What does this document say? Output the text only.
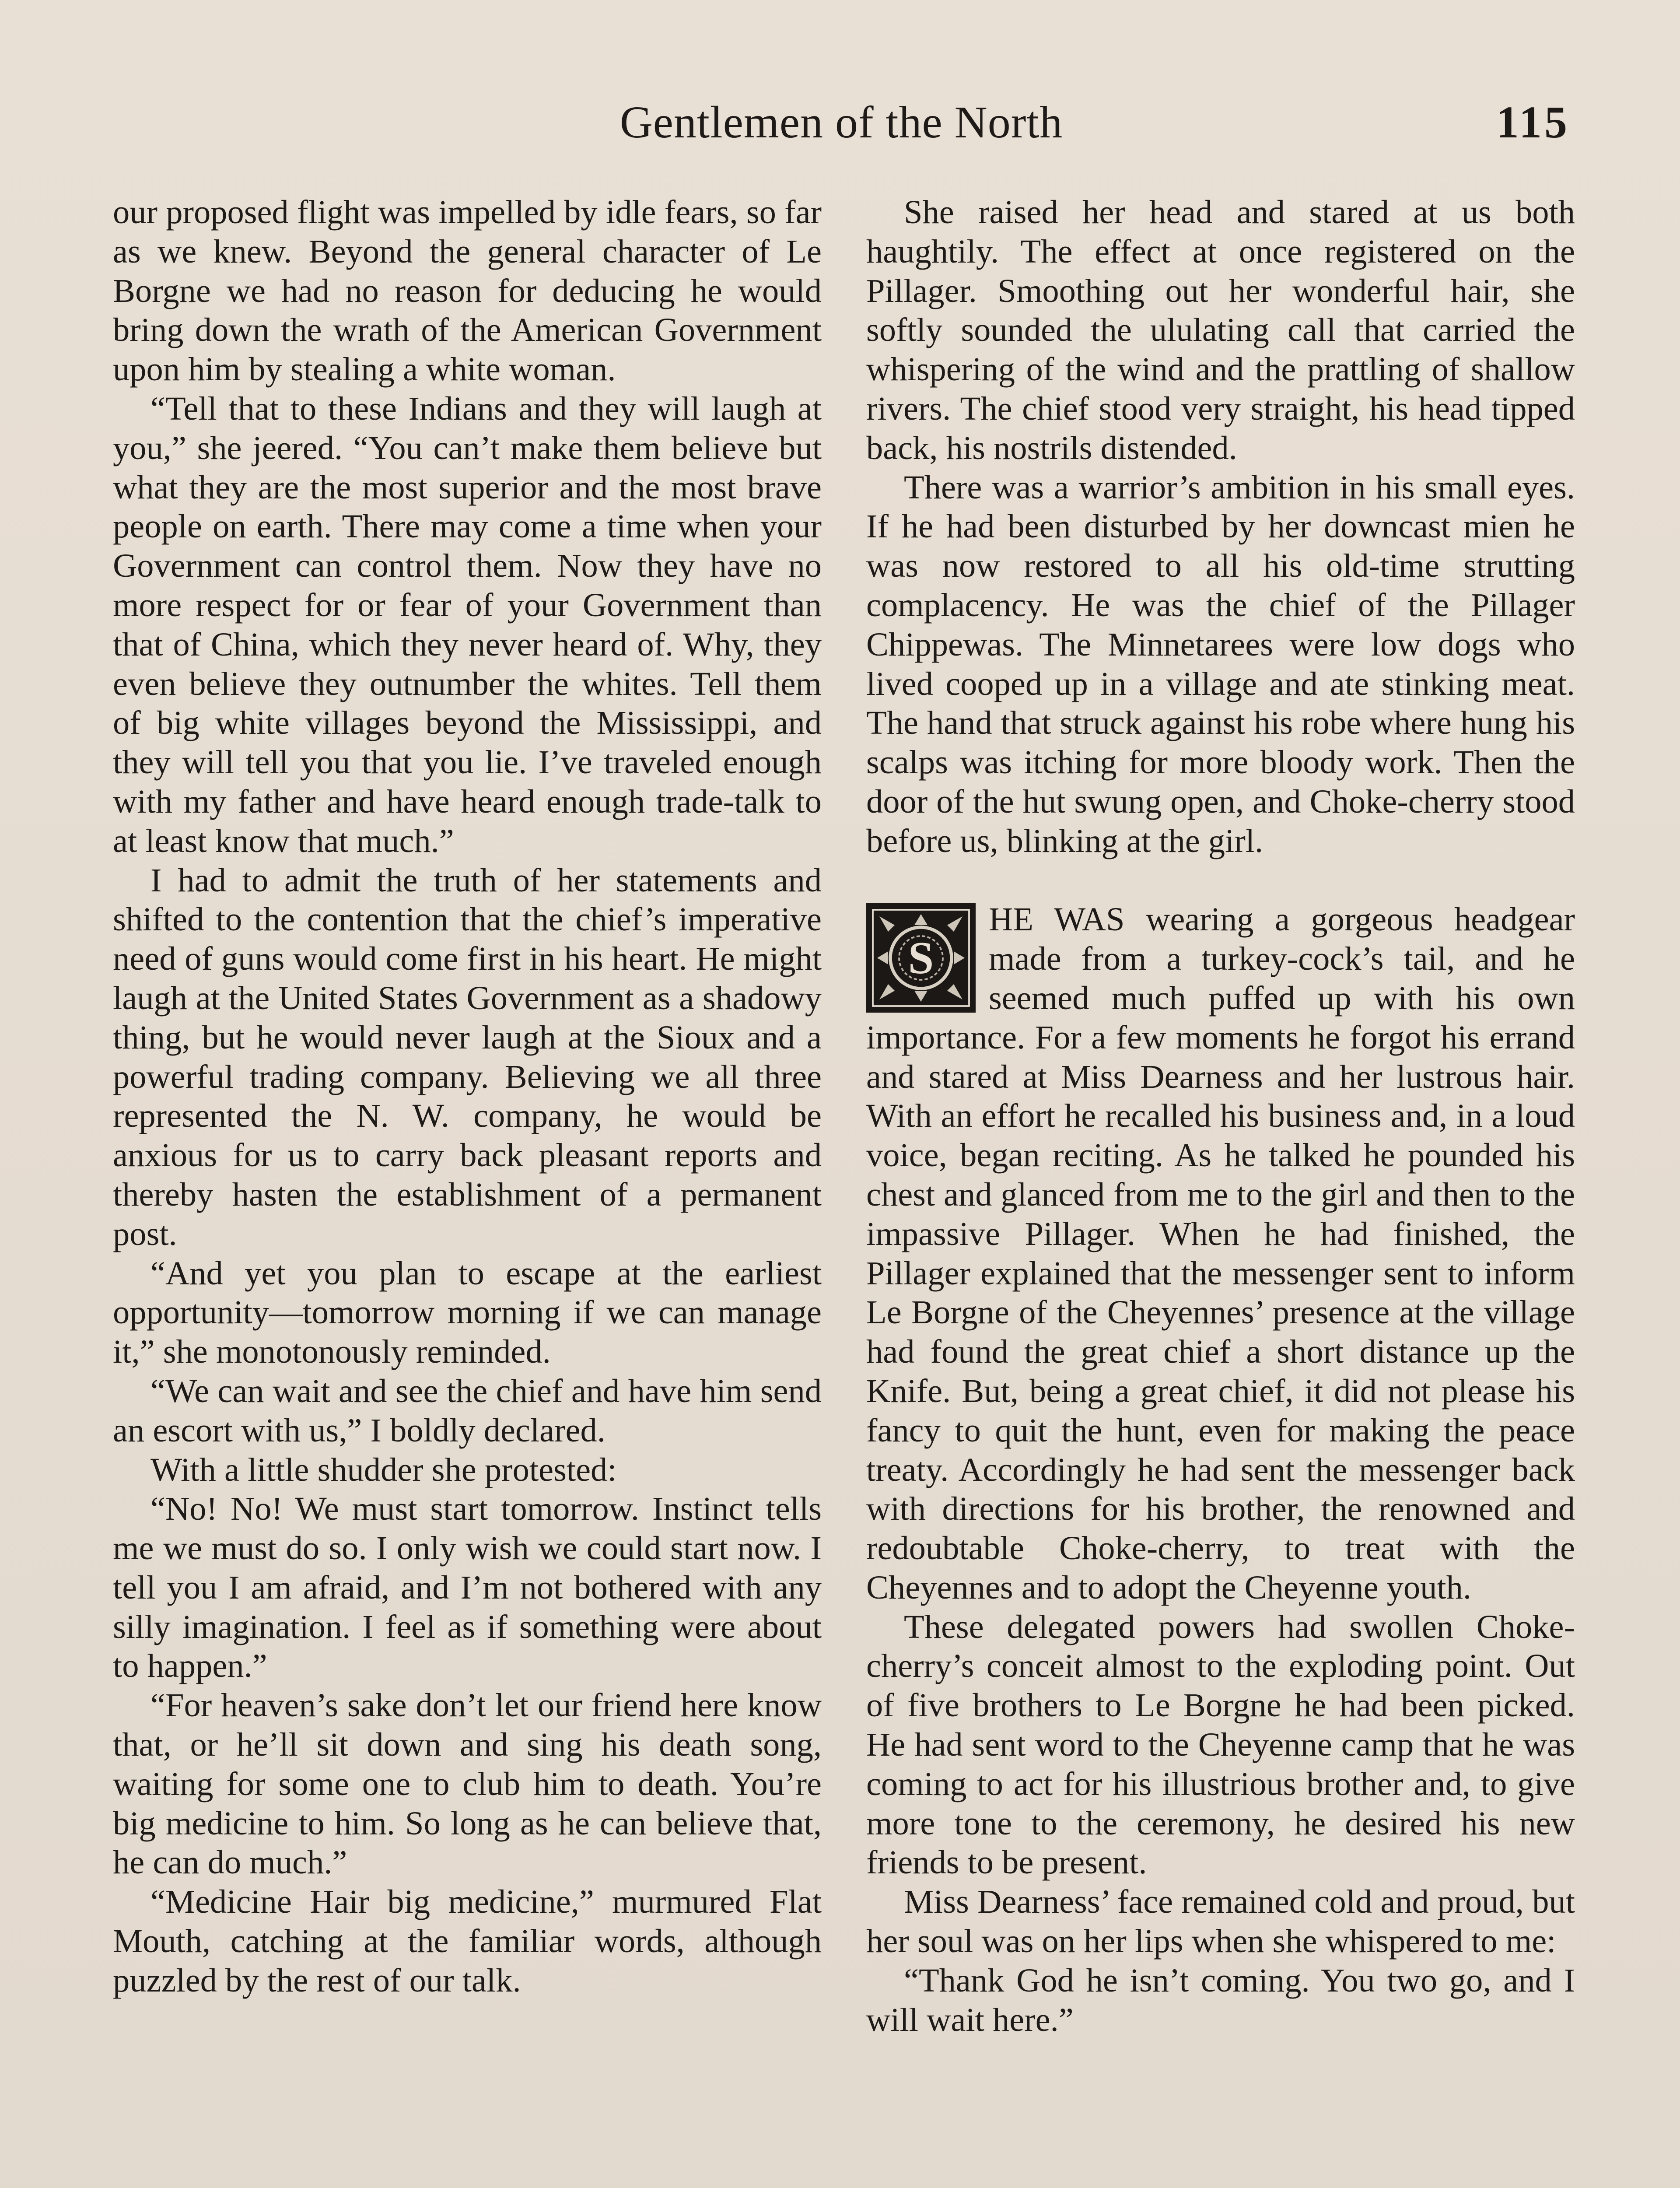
Gentlemen of the North	115

our proposed flight was impelled by idle fears, so far as we knew. Beyond the general character of Le Borgne we had no reason for deducing he would bring down the wrath of the American Government upon him by stealing a white woman.

“Tell that to these Indians and they will laugh at you,” she jeered. “You can’t make them believe but what they are the most superior and the most brave people on earth. There may come a time when your Government can control them. Now they have no more respect for or fear of your Government than that of China, which they never heard of. Why, they even believe they outnumber the whites. Tell them of big white villages beyond the Mississippi, and they will tell you that you lie. I’ve traveled enough with my father and have heard enough trade-talk to at least know that much.”

I had to admit the truth of her statements and shifted to the contention that the chief’s imperative need of guns would come first in his heart. He might laugh at the United States Government as a shadowy thing, but he would never laugh at the Sioux and a powerful trading company. Believing we all three represented the N. W. company, he would be anxious for us to carry back pleasant reports and thereby hasten the establishment of a permanent post.

“And yet you plan to escape at the earliest opportunity—tomorrow morning if we can manage it,” she monotonously reminded.

“We can wait and see the chief and have him send an escort with us,” I boldly declared.

With a little shudder she protested:

“No! No! We must start tomorrow. Instinct tells me we must do so. I only wish we could start now. I tell you I am afraid, and I’m not bothered with any silly imagination. I feel as if something were about to happen.”

“For heaven’s sake don’t let our friend here know that, or he’ll sit down and sing his death song, waiting for some one to club him to death. You’re big medicine to him. So long as he can believe that, he can do much.”

“Medicine Hair big medicine,” murmured Flat Mouth, catching at the familiar words, although puzzled by the rest of our talk.

She raised her head and stared at us both haughtily. The effect at once registered on the Pillager. Smoothing out her wonderful hair, she softly sounded the ululating call that carried the whispering of the wind and the prattling of shallow rivers. The chief stood very straight, his head tipped back, his nostrils distended.

There was a warrior’s ambition in his small eyes. If he had been disturbed by her downcast mien he was now restored to all his old-time strutting complacency. He was the chief of the Pillager Chippewas. The Minnetarees were low dogs who lived cooped up in a village and ate stinking meat. The hand that struck against his robe where hung his scalps was itching for more bloody work. Then the door of the hut swung open, and Choke-cherry stood before us, blinking at the girl.

S
HE WAS wearing a gorgeous headgear made from a turkey-cock’s tail, and he seemed much puffed up with his own importance. For a few moments he forgot his errand and stared at Miss Dearness and her lustrous hair. With an effort he recalled his business and, in a loud voice, began reciting. As he talked he pounded his chest and glanced from me to the girl and then to the impassive Pillager. When he had finished, the Pillager explained that the messenger sent to inform Le Borgne of the Cheyennes’ presence at the village had found the great chief a short distance up the Knife. But, being a great chief, it did not please his fancy to quit the hunt, even for making the peace treaty. Accordingly he had sent the messenger back with directions for his brother, the renowned and redoubtable Choke-cherry, to treat with the Cheyennes and to adopt the Cheyenne youth.

These delegated powers had swollen Choke-cherry’s conceit almost to the exploding point. Out of five brothers to Le Borgne he had been picked. He had sent word to the Cheyenne camp that he was coming to act for his illustrious brother and, to give more tone to the ceremony, he desired his new friends to be present.

Miss Dearness’ face remained cold and proud, but her soul was on her lips when she whispered to me:

“Thank God he isn’t coming. You two go, and I will wait here.”
